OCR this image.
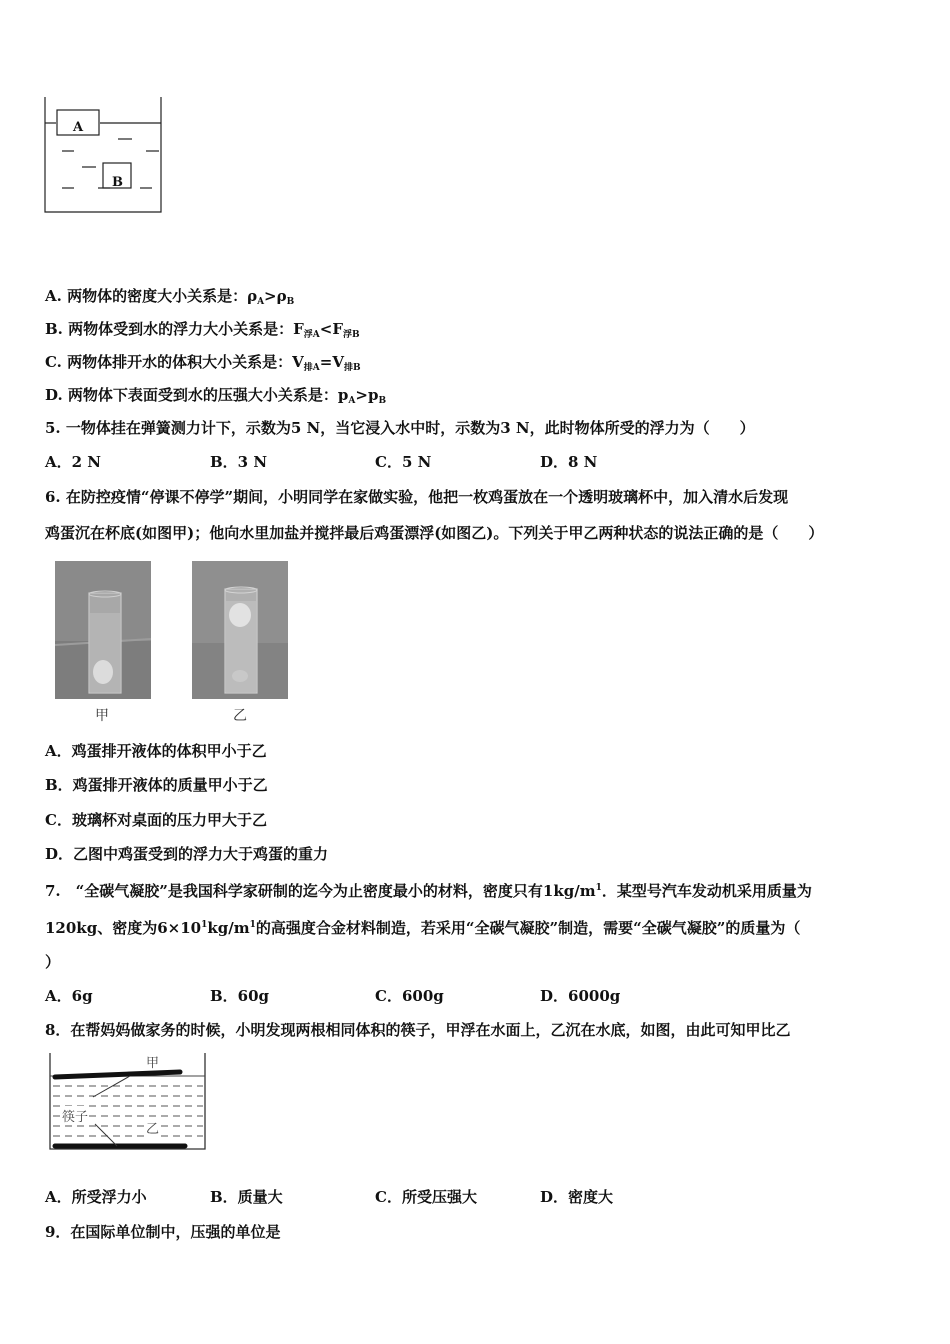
A
B
A. 两物体的密度大小关系是：$\rho_A>\rho_B$
B. 两物体受到水的浮力大小关系是：$F_{浮A}<F_{浮B}$
C. 两物体排开水的体积大小关系是：$V_{排A}=V_{排B}$
D. 两物体下表面受到水的压强大小关系是：$p_A>p_B$
5. 一物体挂在弹簧测力计下，示数为5 N，当它浸入水中时，示数为3 N，此时物体所受的浮力为（　　）
A．2 N	B．3 N	C．5 N	D．8 N
6. 在防控疫情“停课不停学”期间，小明同学在家做实验，他把一枚鸡蛋放在一个透明玻璃杯中，加入清水后发现
鸡蛋沉在杯底(如图甲)；他向水里加盐并搅拌最后鸡蛋漂浮(如图乙)。下列关于甲乙两种状态的说法正确的是（　　）
甲	乙
A．鸡蛋排开液体的体积甲小于乙
B．鸡蛋排开液体的质量甲小于乙
C．玻璃杯对桌面的压力甲大于乙
D．乙图中鸡蛋受到的浮力大于鸡蛋的重力
7.　“全碳气凝胶”是我国科学家研制的迄今为止密度最小的材料，密度只有$1kg/m^1$．某型号汽车发动机采用质量为
120kg、密度为$6\times 10^1kg/m^1$的高强度合金材料制造，若采用“全碳气凝胶”制造，需要“全碳气凝胶”的质量为（
）
A．6g	B．60g	C．600g	D．6000g
8．在帮妈妈做家务的时候，小明发现两根相同体积的筷子，甲浮在水面上，乙沉在水底，如图，由此可知甲比乙
甲
筷子
乙
A．所受浮力小	B．质量大	C．所受压强大	D．密度大
9．在国际单位制中，压强的单位是
